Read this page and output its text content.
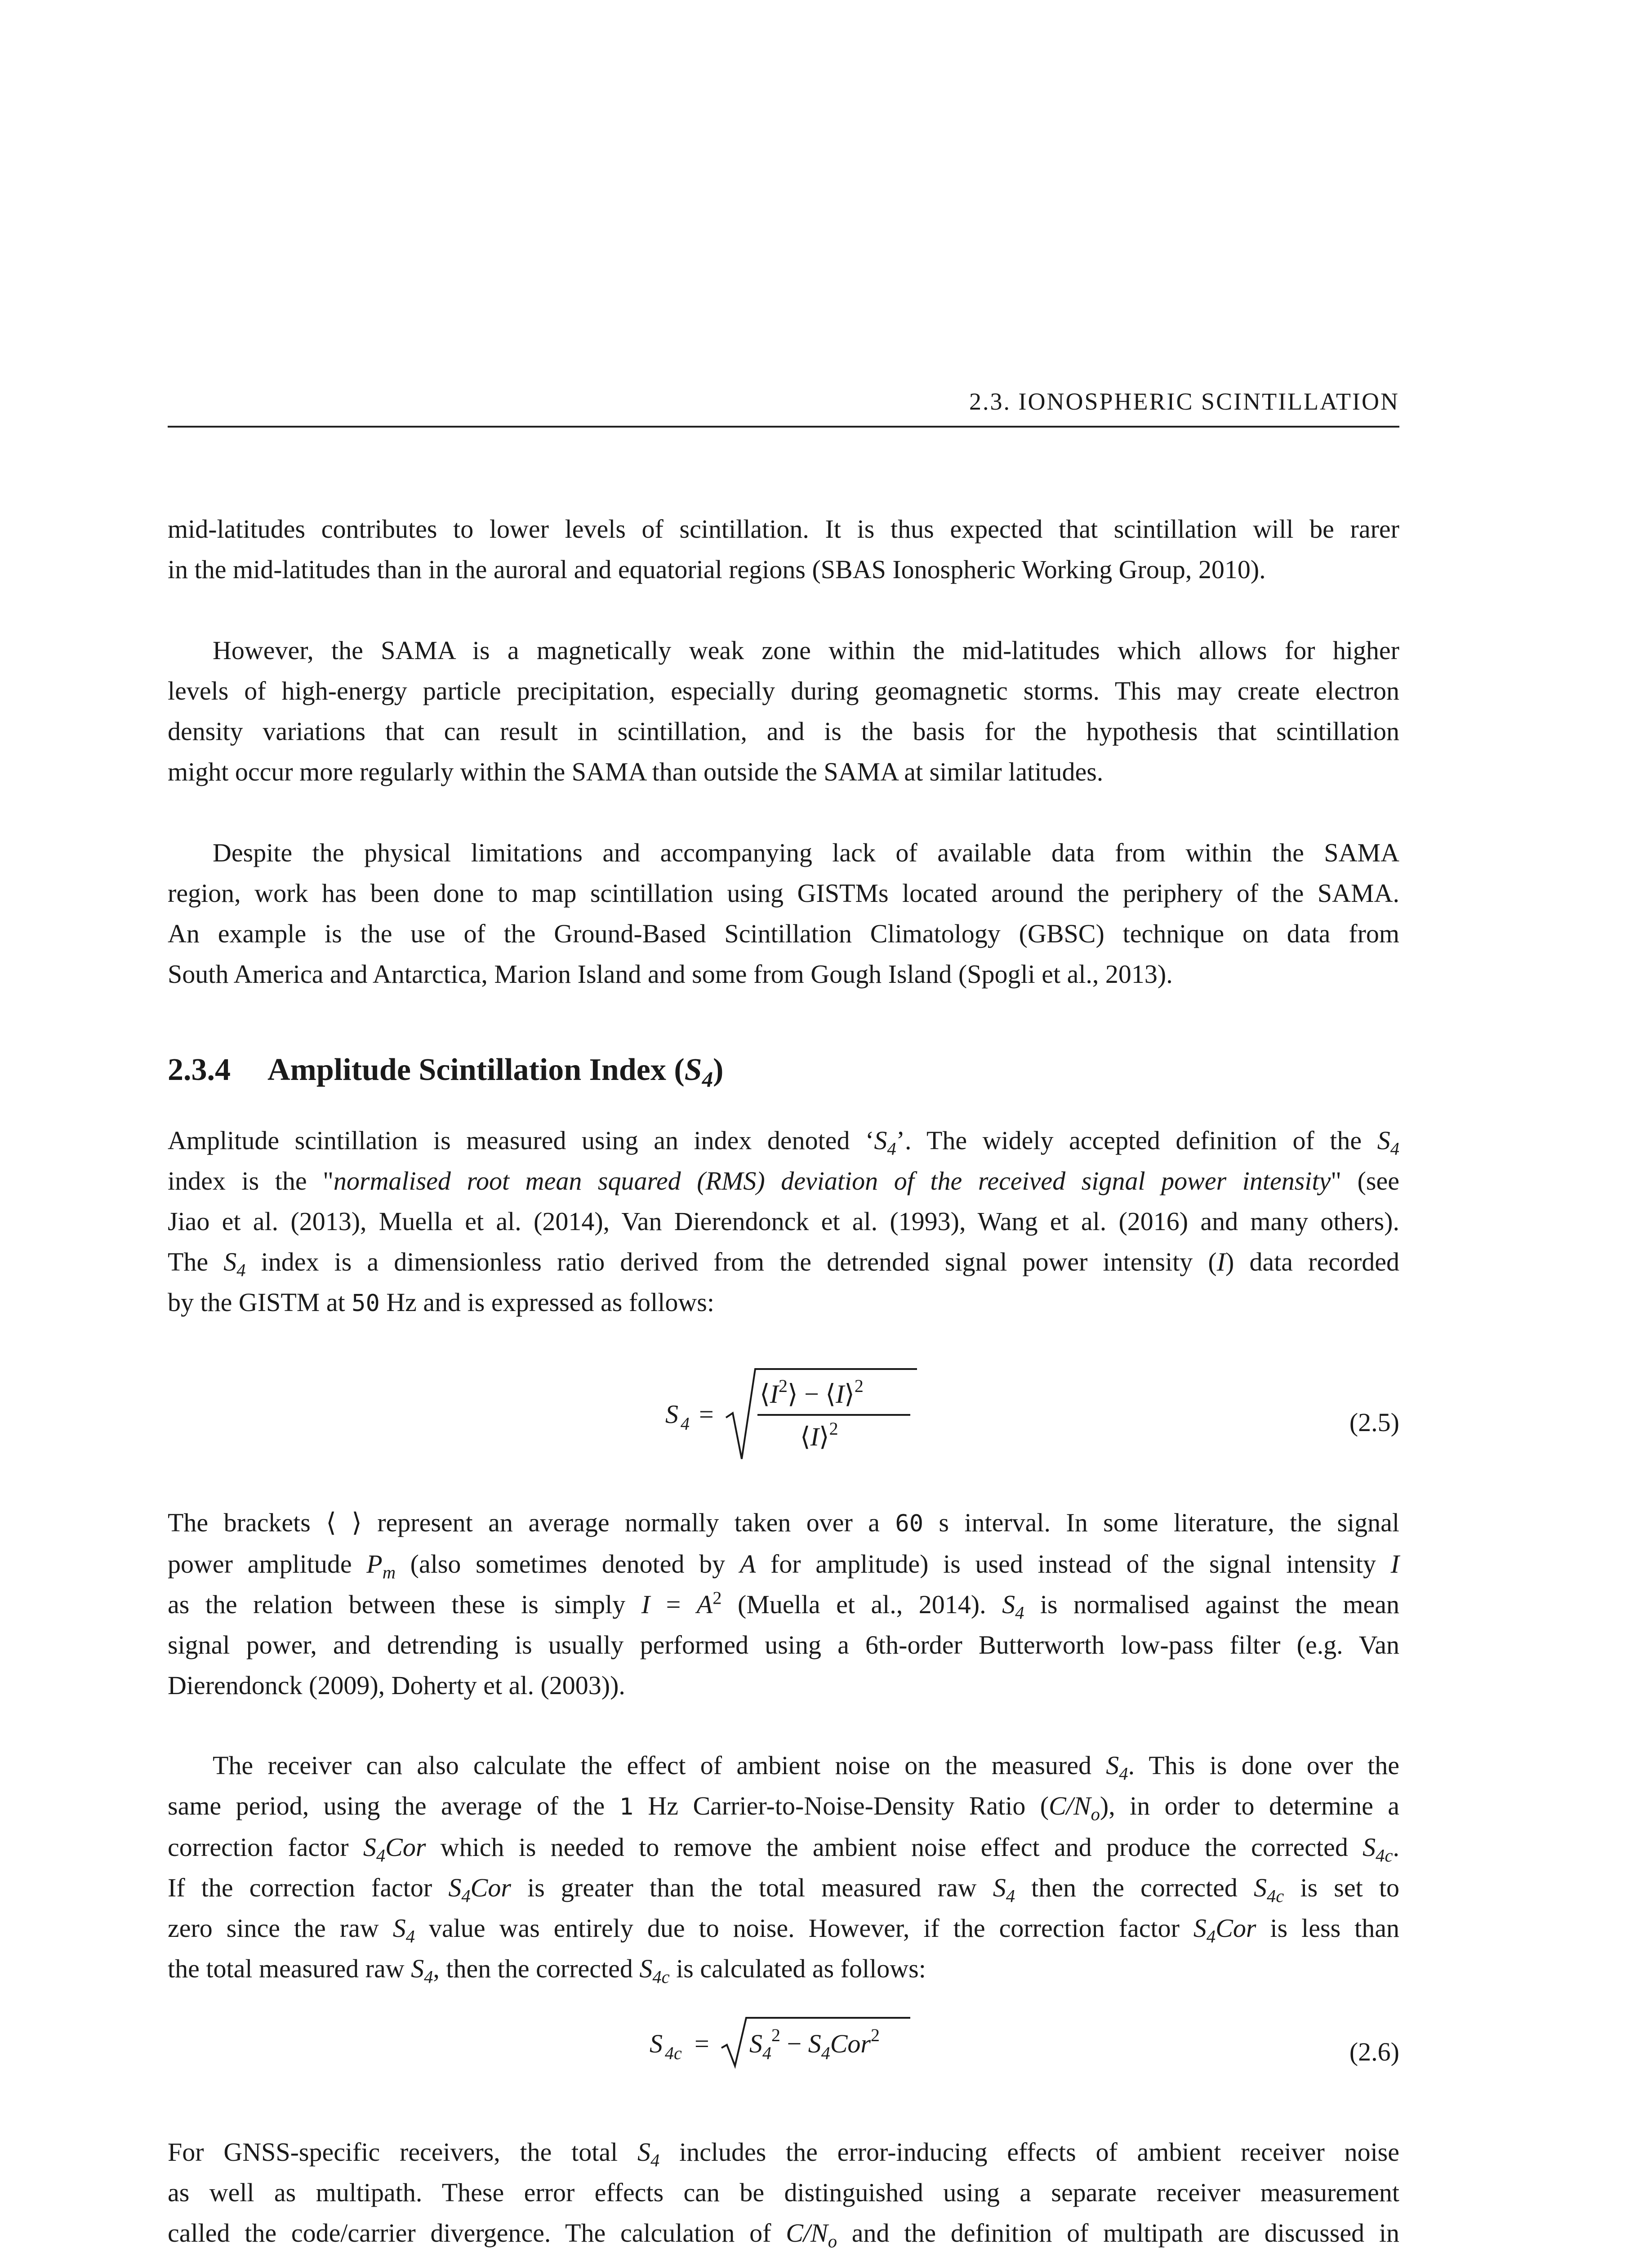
2.3. IONOSPHERIC SCINTILLATION
mid-latitudes contributes to lower levels of scintillation. It is thus expected that scintillation will be rarer
in the mid-latitudes than in the auroral and equatorial regions (SBAS Ionospheric Working Group, 2010).
However, the SAMA is a magnetically weak zone within the mid-latitudes which allows for higher
levels of high-energy particle precipitation, especially during geomagnetic storms. This may create electron
density variations that can result in scintillation, and is the basis for the hypothesis that scintillation
might occur more regularly within the SAMA than outside the SAMA at similar latitudes.
Despite the physical limitations and accompanying lack of available data from within the SAMA
region, work has been done to map scintillation using GISTMs located around the periphery of the SAMA.
An example is the use of the Ground-Based Scintillation Climatology (GBSC) technique on data from
South America and Antarctica, Marion Island and some from Gough Island (Spogli et al., 2013).
2.3.4 Amplitude Scintillation Index $(S_4)$
Amplitude scintillation is measured using an index denoted ‘$S_4$’. The widely accepted definition of the $S_4$
index is the "normalised root mean squared (RMS) deviation of the received signal power intensity" (see
Jiao et al. (2013), Muella et al. (2014), Van Dierendonck et al. (1993), Wang et al. (2016) and many others).
The $S_4$ index is a dimensionless ratio derived from the detrended signal power intensity (I) data recorded
by the GISTM at 50 Hz and is expressed as follows:
S 4 =
$⟨I^2⟩$ − ⟨I⟩$^2$
⟨I⟩$^2$	(2.5)
The brackets ⟨ ⟩ represent an average normally taken over a 60 s interval. In some literature, the signal
power amplitude $P_m$ (also sometimes denoted by A for amplitude) is used instead of the signal intensity I
as the relation between these is simply $I = A^2$ (Muella et al., 2014). $S_4$ is normalised against the mean
signal power, and detrending is usually performed using a 6th-order Butterworth low-pass filter (e.g. Van
Dierendonck (2009), Doherty et al. (2003)).
The receiver can also calculate the effect of ambient noise on the measured $S_4$. This is done over the
same period, using the average of the 1 Hz Carrier-to-Noise-Density Ratio $(C/N_o)$, in order to determine a
correction factor $S_4Cor$ which is needed to remove the ambient noise effect and produce the corrected $S_{4c}$.
If the correction factor $S_4Cor$ is greater than the total measured raw $S_4$ then the corrected $S_{4c}$ is set to
zero since the raw $S_4$ value was entirely due to noise. However, if the correction factor $S_4Cor$ is less than
the total measured raw $S_4$, then the corrected $S_{4c}$ is calculated as follows:
S $4c = S_4^2 - S_4Cor^2$
(2.6)
For GNSS-specific receivers, the total $S_4$ includes the error-inducing effects of ambient receiver noise
as well as multipath. These error effects can be distinguished using a separate receiver measurement
called the code/carrier divergence. The calculation of $C/N_o$ and the definition of multipath are discussed in
